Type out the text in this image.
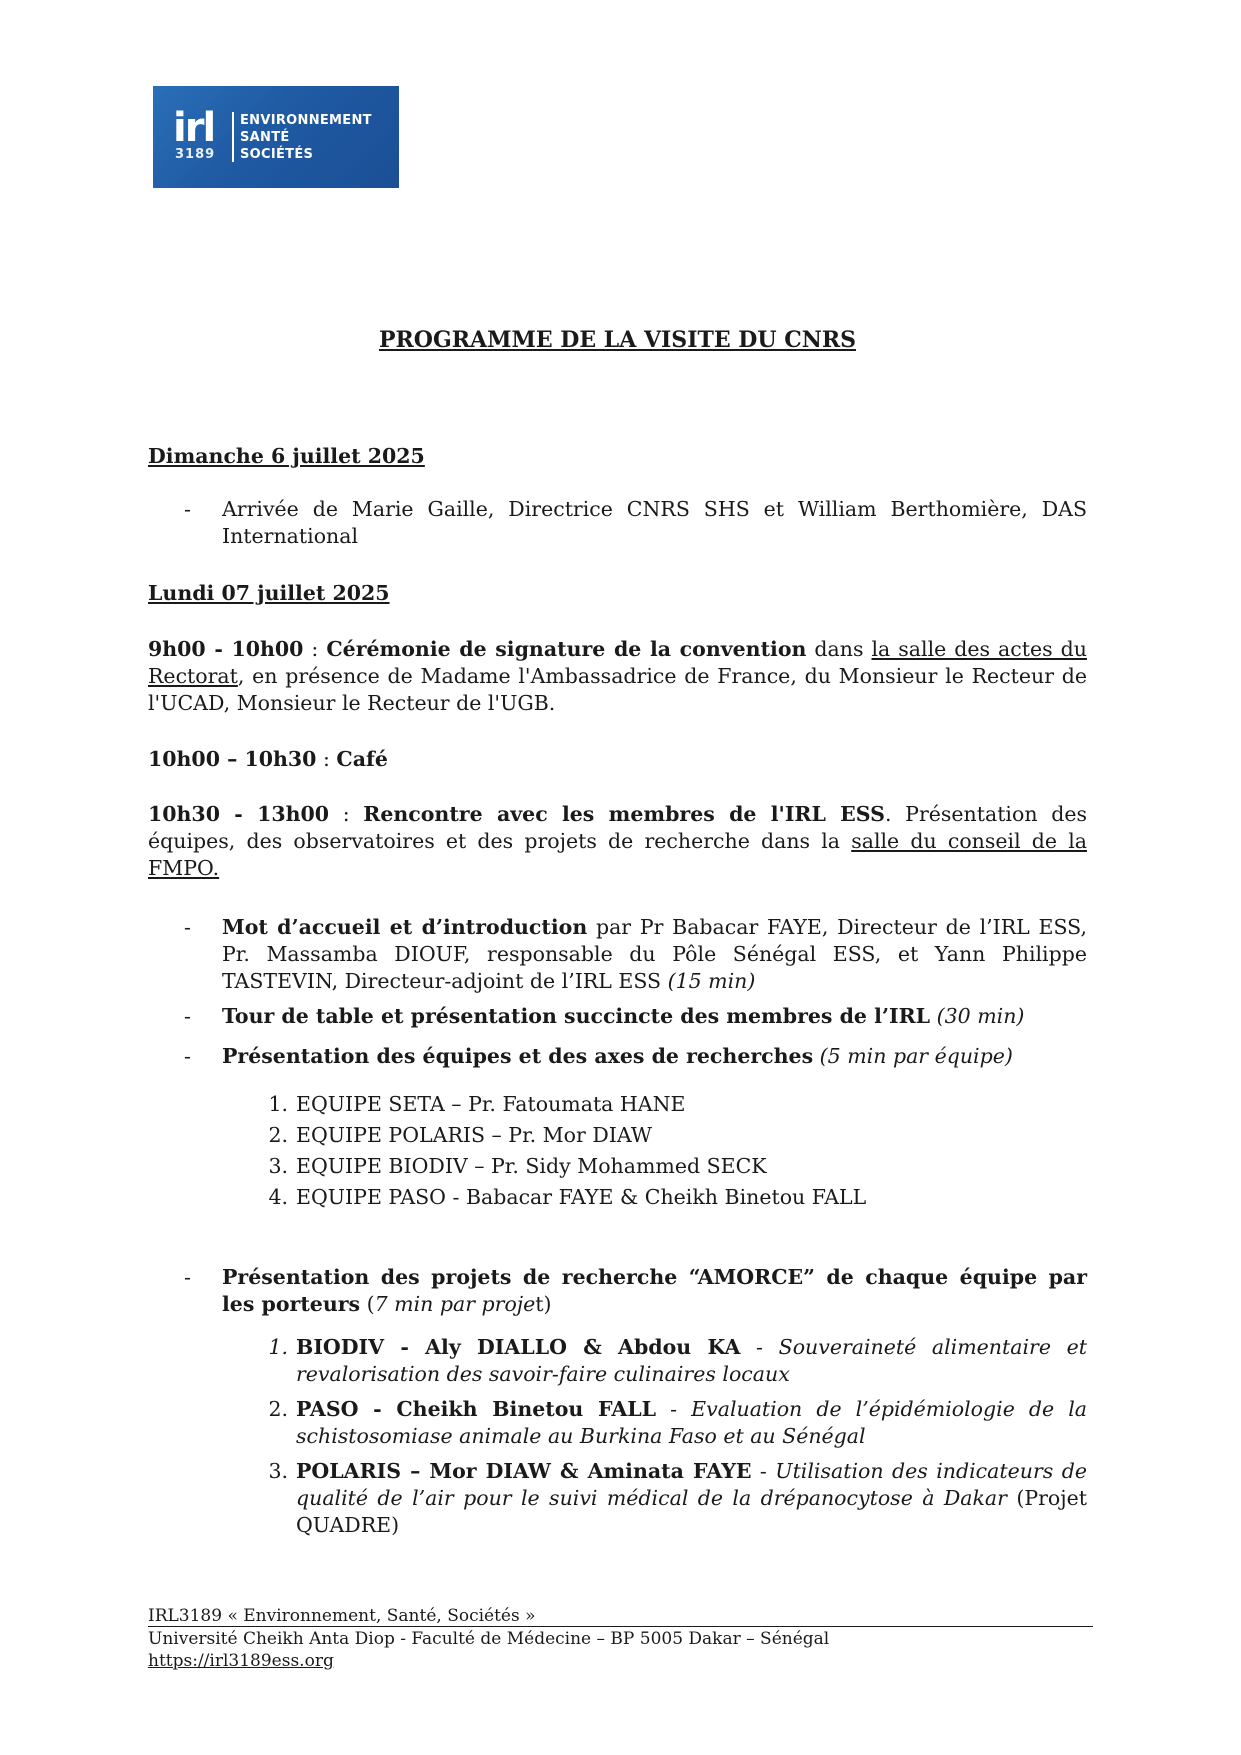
irl
3189
ENVIRONNEMENT
SANTÉ
SOCIÉTÉS
PROGRAMME DE LA VISITE DU CNRS
Dimanche 6 juillet 2025
- Arrivée de Marie Gaille, Directrice CNRS SHS et William Berthomière, DAS International
Lundi 07 juillet 2025
9h00 - 10h00 : Cérémonie de signature de la convention dans la salle des actes du Rectorat, en présence de Madame l'Ambassadrice de France, du Monsieur le Recteur de l'UCAD, Monsieur le Recteur de l'UGB.
10h00 – 10h30 : Café
10h30 - 13h00 : Rencontre avec les membres de l'IRL ESS. Présentation des équipes, des observatoires et des projets de recherche dans la salle du conseil de la FMPO.
- Mot d’accueil et d’introduction par Pr Babacar FAYE, Directeur de l’IRL ESS, Pr. Massamba DIOUF, responsable du Pôle Sénégal ESS, et Yann Philippe TASTEVIN, Directeur-adjoint de l’IRL ESS (15 min)
- Tour de table et présentation succincte des membres de l’IRL (30 min)
- Présentation des équipes et des axes de recherches (5 min par équipe)
1. EQUIPE SETA – Pr. Fatoumata HANE
2. EQUIPE POLARIS – Pr. Mor DIAW
3. EQUIPE BIODIV – Pr. Sidy Mohammed SECK
4. EQUIPE PASO - Babacar FAYE & Cheikh Binetou FALL
- Présentation des projets de recherche “AMORCE” de chaque équipe par les porteurs (7 min par projet)
1. BIODIV - Aly DIALLO & Abdou KA - Souveraineté alimentaire et revalorisation des savoir-faire culinaires locaux
2. PASO - Cheikh Binetou FALL - Evaluation de l’épidémiologie de la schistosomiase animale au Burkina Faso et au Sénégal
3. POLARIS – Mor DIAW & Aminata FAYE - Utilisation des indicateurs de qualité de l’air pour le suivi médical de la drépanocytose à Dakar (Projet QUADRE)
IRL3189 « Environnement, Santé, Sociétés »
Université Cheikh Anta Diop - Faculté de Médecine – BP 5005 Dakar – Sénégal
https://irl3189ess.org
